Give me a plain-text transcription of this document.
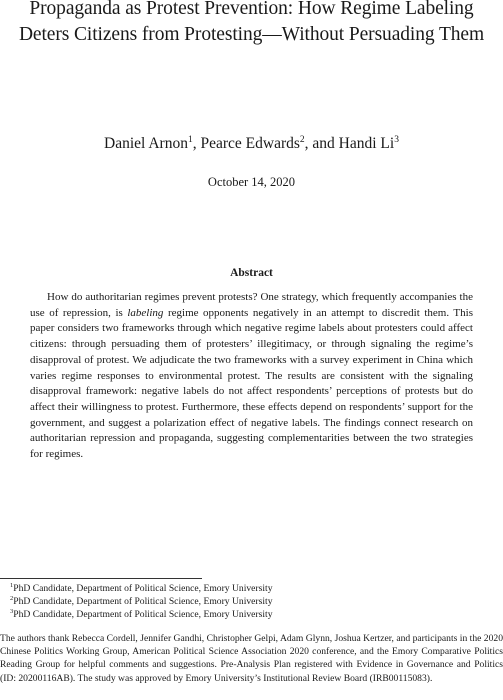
Propaganda as Protest Prevention: How Regime Labeling
Deters Citizens from Protesting—Without Persuading Them
Daniel Arnon$^1$, Pearce Edwards$^2$, and Handi Li$^3$
October 14, 2020
Abstract

How do authoritarian regimes prevent protests? One strategy, which frequently accompanies the use of repression, is labeling regime opponents negatively in an attempt to discredit them. This paper considers two frameworks through which negative regime labels about protesters could affect citizens: through persuading them of protesters’ illegitimacy, or through signaling the regime’s disapproval of protest. We adjudicate the two frameworks with a survey experiment in China which varies regime responses to environmental protest. The results are consistent with the signaling disapproval framework: negative labels do not affect respondents’ perceptions of protests but do affect their willingness to protest. Furthermore, these effects depend on respondents’ support for the government, and suggest a polarization effect of negative labels. The findings connect research on authoritarian repression and propaganda, suggesting complementarities between the two strategies for regimes.

$^1$PhD Candidate, Department of Political Science, Emory University
$^2$PhD Candidate, Department of Political Science, Emory University
$^3$PhD Candidate, Department of Political Science, Emory University

The authors thank Rebecca Cordell, Jennifer Gandhi, Christopher Gelpi, Adam Glynn, Joshua Kertzer, and participants in the 2020 Chinese Politics Working Group, American Political Science Association 2020 conference, and the Emory Comparative Politics Reading Group for helpful comments and suggestions. Pre-Analysis Plan registered with Evidence in Governance and Politics (ID: 20200116AB). The study was approved by Emory University’s Institutional Review Board (IRB00115083).
